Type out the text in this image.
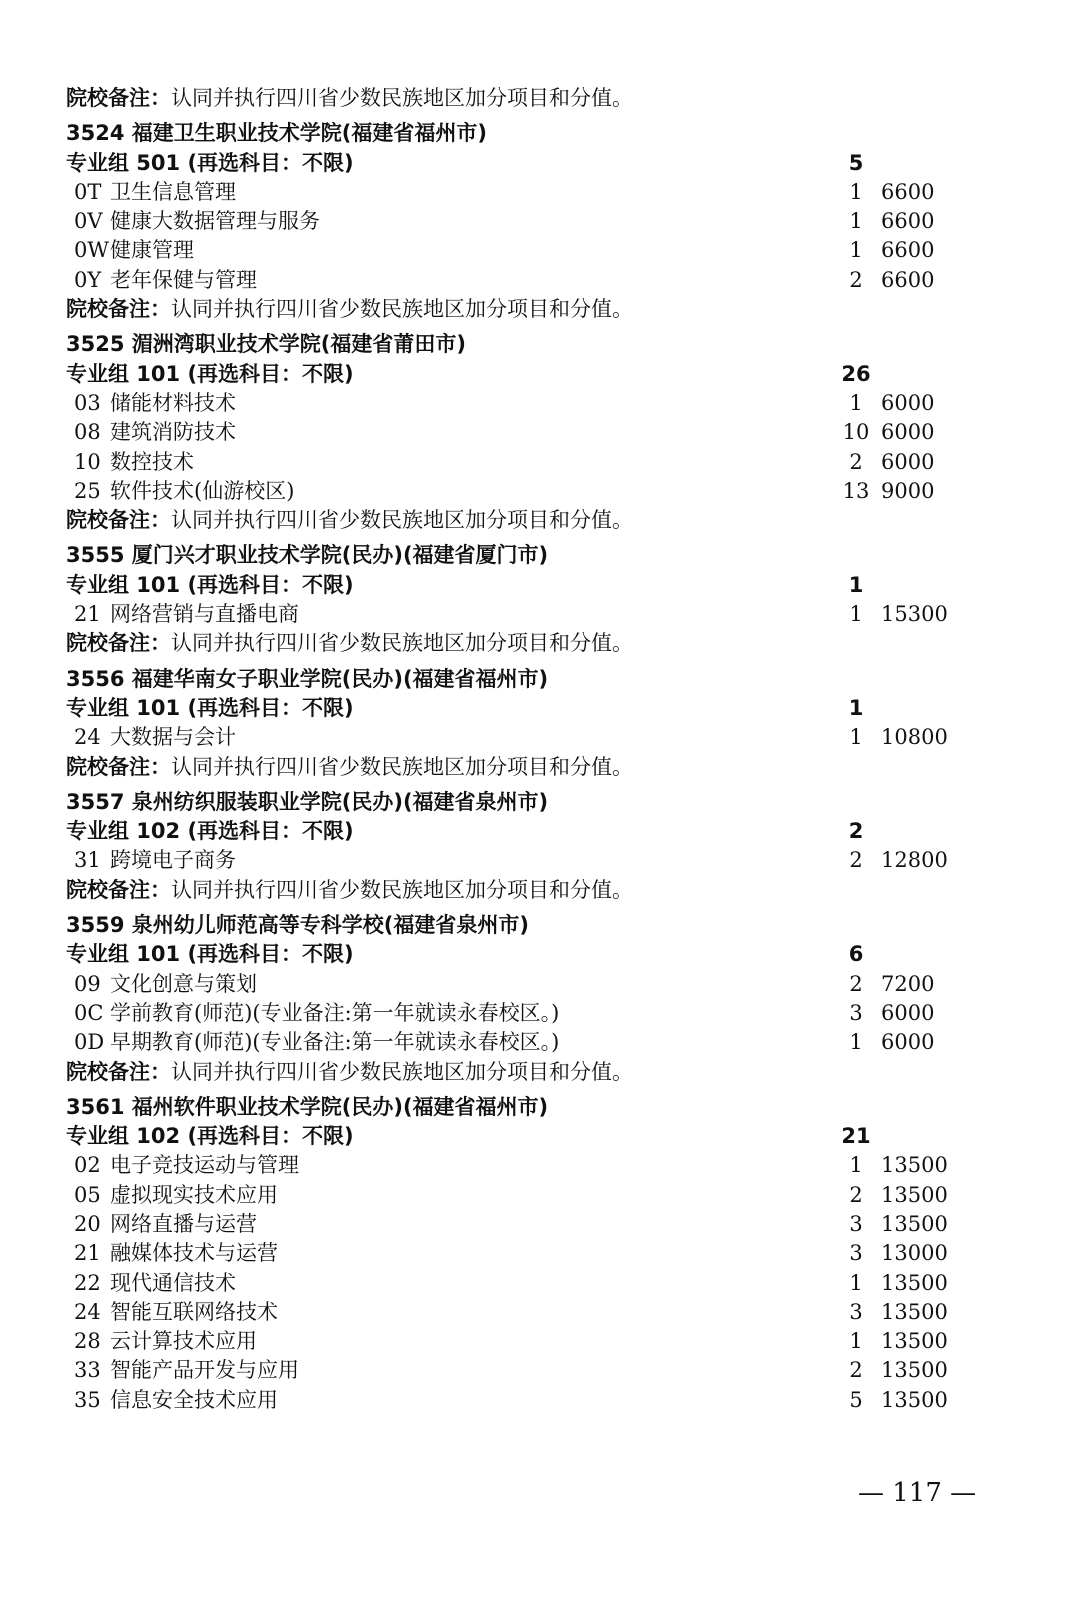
院校备注：认同并执行四川省少数民族地区加分项目和分值。
3524 福建卫生职业技术学院(福建省福州市)
专业组 501 (再选科目：不限)	5
0T 卫生信息管理	1 6600
0V 健康大数据管理与服务	1 6600
0W 健康管理	1 6600
0Y 老年保健与管理	2 6600
院校备注：认同并执行四川省少数民族地区加分项目和分值。
3525 湄洲湾职业技术学院(福建省莆田市)
专业组 101 (再选科目：不限)	26
03 储能材料技术	1 6000
08 建筑消防技术	10 6000
10 数控技术	2 6000
25 软件技术(仙游校区)	13 9000
院校备注：认同并执行四川省少数民族地区加分项目和分值。
3555 厦门兴才职业技术学院(民办)(福建省厦门市)
专业组 101 (再选科目：不限)	1
21 网络营销与直播电商	1 15300
院校备注：认同并执行四川省少数民族地区加分项目和分值。
3556 福建华南女子职业学院(民办)(福建省福州市)
专业组 101 (再选科目：不限)	1
24 大数据与会计	1 10800
院校备注：认同并执行四川省少数民族地区加分项目和分值。
3557 泉州纺织服装职业学院(民办)(福建省泉州市)
专业组 102 (再选科目：不限)	2
31 跨境电子商务	2 12800
院校备注：认同并执行四川省少数民族地区加分项目和分值。
3559 泉州幼儿师范高等专科学校(福建省泉州市)
专业组 101 (再选科目：不限)	6
09 文化创意与策划	2 7200
0C 学前教育(师范)(专业备注:第一年就读永春校区。)	3 6000
0D 早期教育(师范)(专业备注:第一年就读永春校区。)	1 6000
院校备注：认同并执行四川省少数民族地区加分项目和分值。
3561 福州软件职业技术学院(民办)(福建省福州市)
专业组 102 (再选科目：不限)	21
02 电子竞技运动与管理	1 13500
05 虚拟现实技术应用	2 13500
20 网络直播与运营	3 13500
21 融媒体技术与运营	3 13000
22 现代通信技术	1 13500
24 智能互联网络技术	3 13500
28 云计算技术应用	1 13500
33 智能产品开发与应用	2 13500
35 信息安全技术应用	5 13500
— 117 —
